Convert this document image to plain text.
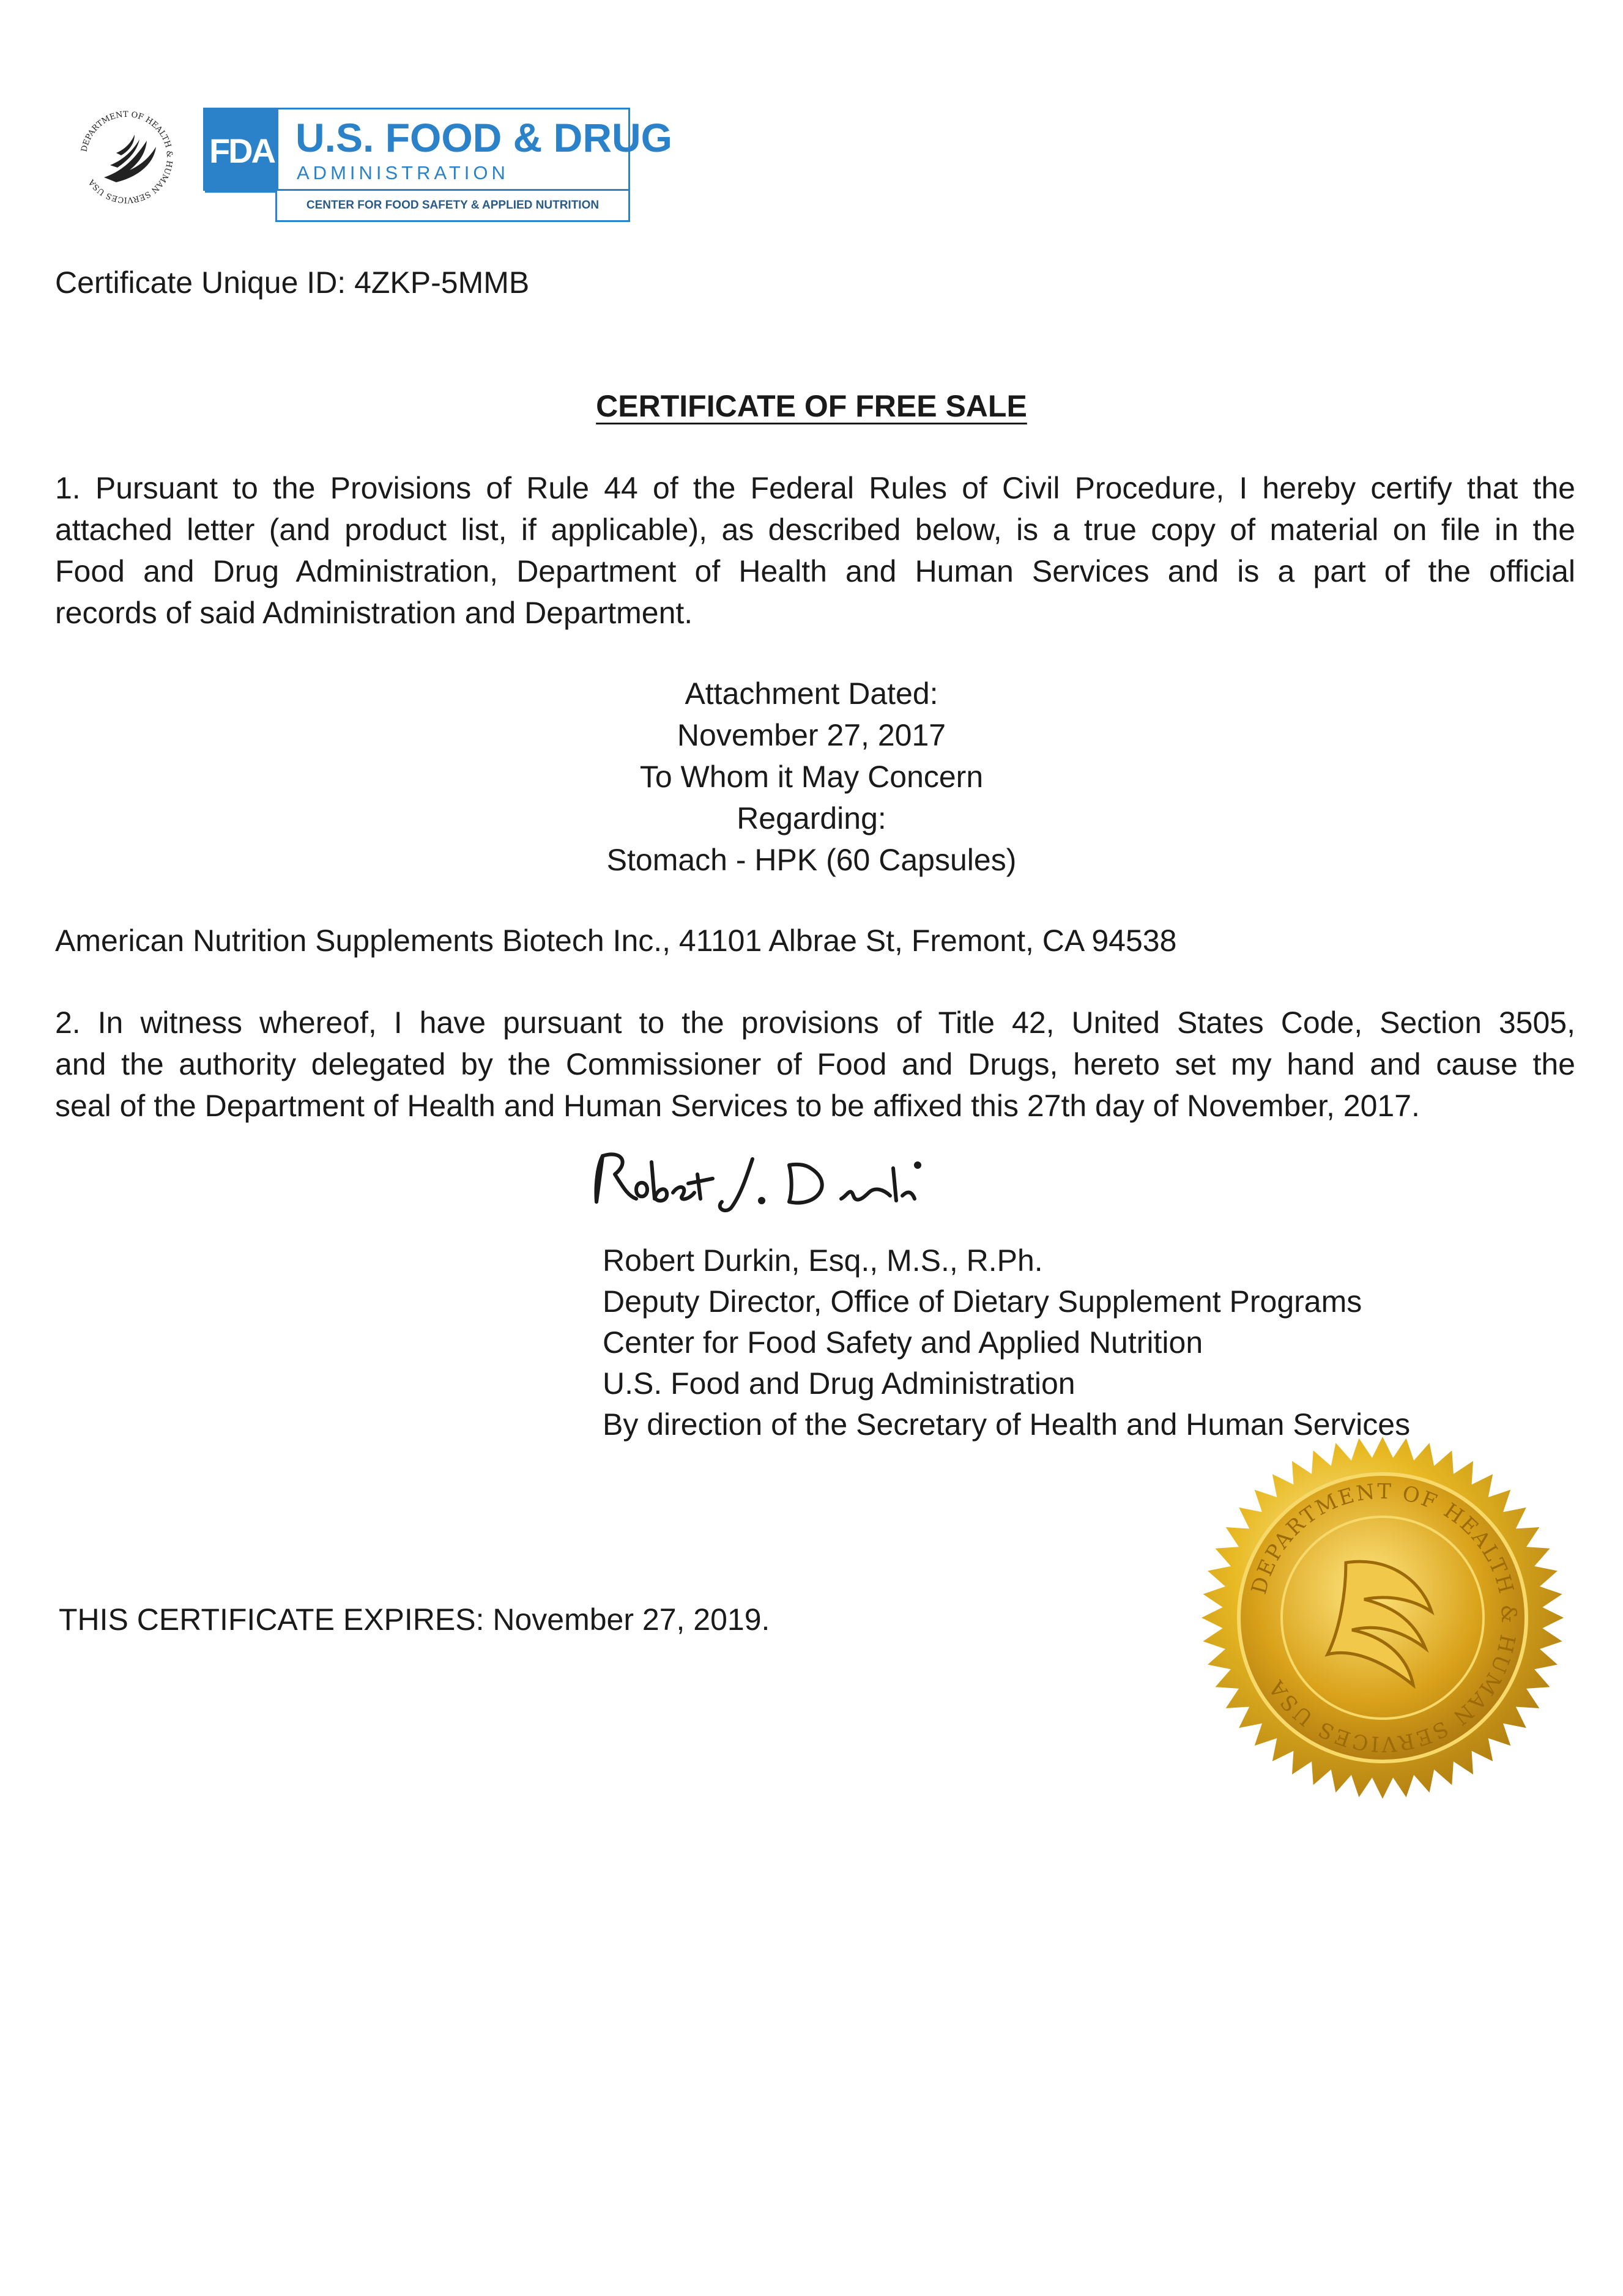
DEPARTMENT OF HEALTH & HUMAN SERVICES USA
FDA U.S. FOOD & DRUG
ADMINISTRATION
CENTER FOR FOOD SAFETY & APPLIED NUTRITION
Certificate Unique ID: 4ZKP-5MMB
CERTIFICATE OF FREE SALE
1. Pursuant to the Provisions of Rule 44 of the Federal Rules of Civil Procedure, I hereby certify that the
attached letter (and product list, if applicable), as described below, is a true copy of material on file in the
Food and Drug Administration, Department of Health and Human Services and is a part of the official
records of said Administration and Department.
Attachment Dated:
November 27, 2017
To Whom it May Concern
Regarding:
Stomach - HPK (60 Capsules)
American Nutrition Supplements Biotech Inc., 41101 Albrae St, Fremont, CA 94538
2. In witness whereof, I have pursuant to the provisions of Title 42, United States Code, Section 3505,
and the authority delegated by the Commissioner of Food and Drugs, hereto set my hand and cause the
seal of the Department of Health and Human Services to be affixed this 27th day of November, 2017.
Robert Durkin, Esq., M.S., R.Ph.
Deputy Director, Office of Dietary Supplement Programs
Center for Food Safety and Applied Nutrition
U.S. Food and Drug Administration
By direction of the Secretary of Health and Human Services
THIS CERTIFICATE EXPIRES: November 27, 2019.
DEPARTMENT OF HEALTH & HUMAN SERVICES USA
